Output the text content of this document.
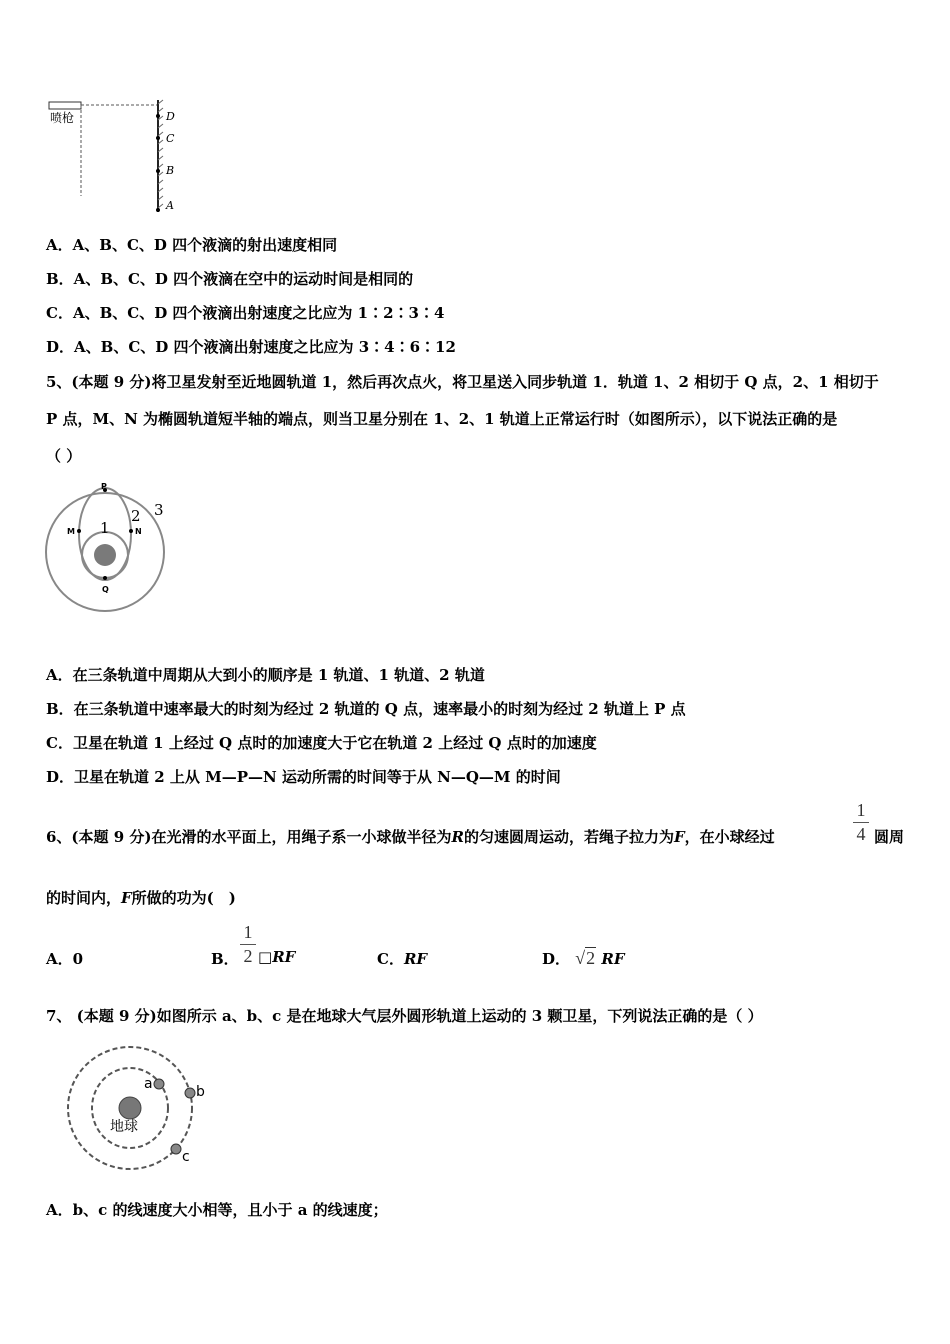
喷枪	D
C
B
A
A．A、B、C、D 四个液滴的射出速度相同
B．A、B、C、D 四个液滴在空中的运动时间是相同的
C．A、B、C、D 四个液滴出射速度之比应为 1∶2∶3∶4
D．A、B、C、D 四个液滴出射速度之比应为 3∶4∶6∶12
5、(本题 9 分)将卫星发射至近地圆轨道 1，然后再次点火，将卫星送入同步轨道 1．轨道 1、2 相切于 Q 点，2、1 相切于
P 点，M、N 为椭圆轨道短半轴的端点，则当卫星分别在 1、2、1 轨道上正常运行时（如图所示），以下说法正确的是
（ ）
P
M	N
Q
1
2 3
A．在三条轨道中周期从大到小的顺序是 1 轨道、1 轨道、2 轨道
B．在三条轨道中速率最大的时刻为经过 2 轨道的 Q 点，速率最小的时刻为经过 2 轨道上 P 点
C．卫星在轨道 1 上经过 Q 点时的加速度大于它在轨道 2 上经过 Q 点时的加速度
D．卫星在轨道 2 上从 M—P—N 运动所需的时间等于从 N—Q—M 的时间
6、(本题 9 分)在光滑的水平面上，用绳子系一小球做半径为R的匀速圆周运动，若绳子拉力为F，在小球经过
1
4 圆周
的时间内，F所做的功为(　)
A．0	B．
1
2 □RF	C．RF	D． √2 RF
7、 (本题 9 分)如图所示 a、b、c 是在地球大气层外圆形轨道上运动的 3 颗卫星，下列说法正确的是（ ）
地球
a	b
c
A．b、c 的线速度大小相等，且小于 a 的线速度；
